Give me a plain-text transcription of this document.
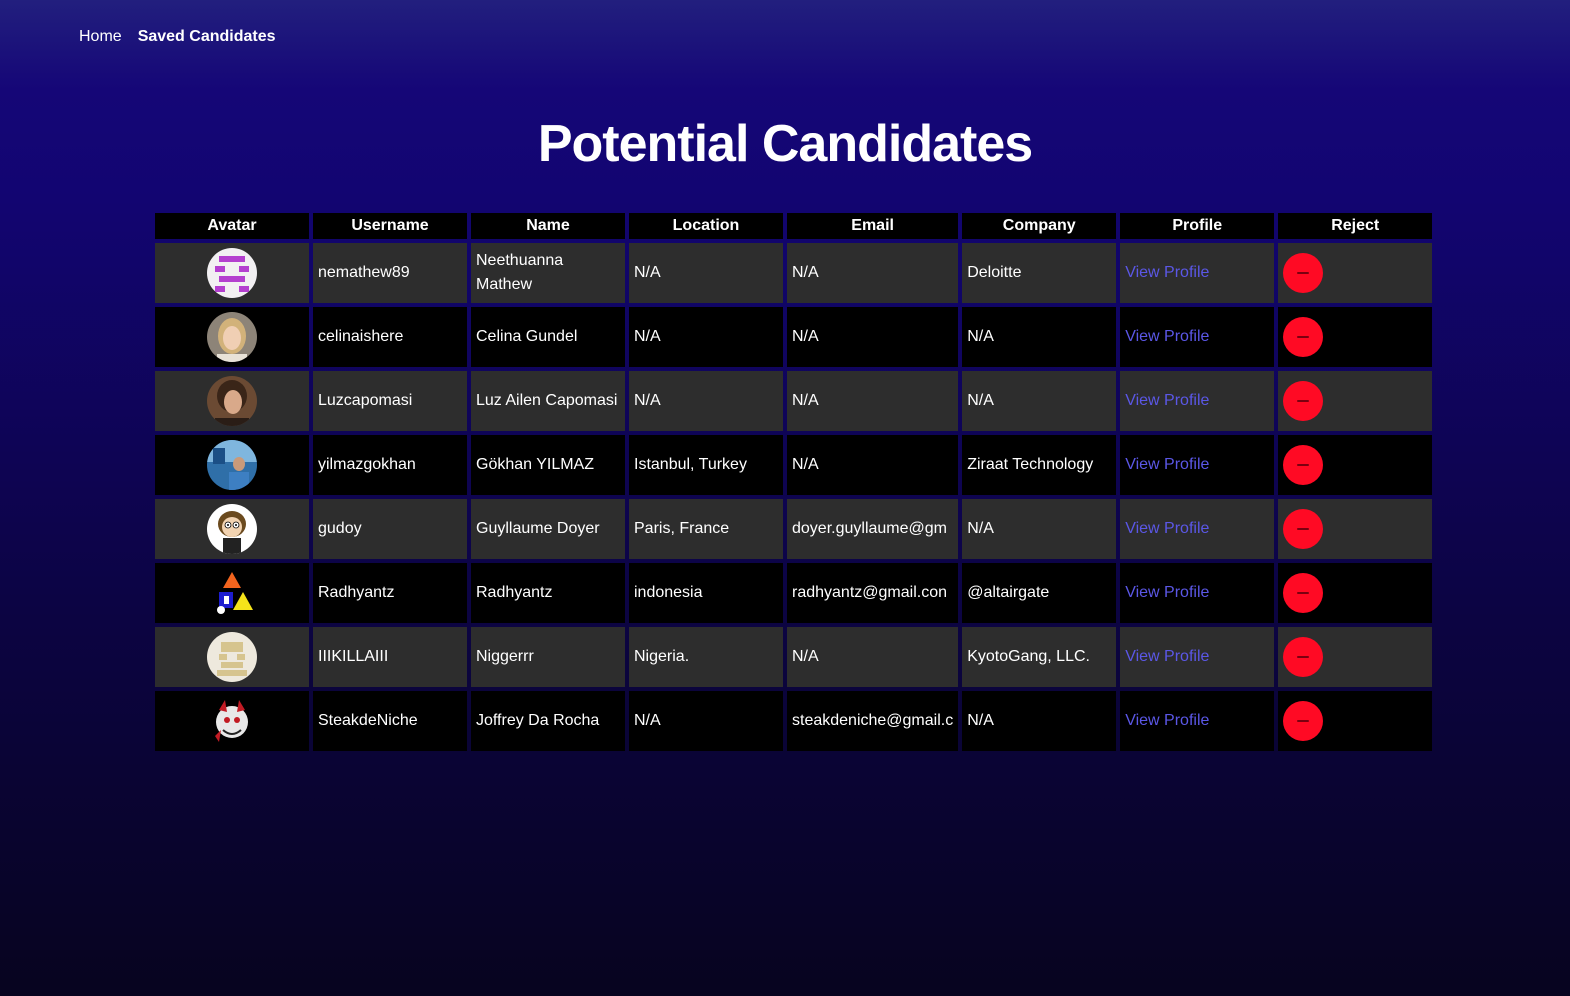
Home Saved Candidates
Potential Candidates
Avatar	Username	Name	Location	Email	Company	Profile	Reject

	nemathew89	Neethuanna Mathew	N/A	N/A	Deloitte	View Profile	

	celinaishere	Celina Gundel	N/A	N/A	N/A	View Profile	

	Luzcapomasi	Luz Ailen Capomasi	N/A	N/A	N/A	View Profile	

	yilmazgokhan	Gökhan YILMAZ	Istanbul, Turkey	N/A	Ziraat Technology	View Profile	

	gudoy	Guyllaume Doyer	Paris, France	doyer.guyllaume@gm	N/A	View Profile	

	Radhyantz	Radhyantz	indonesia	radhyantz@gmail.con	@altairgate	View Profile	

	IIIKILLAIII	Niggerrr	Nigeria.	N/A	KyotoGang, LLC.	View Profile	

	SteakdeNiche	Joffrey Da Rocha	N/A	steakdeniche@gmail.c	N/A	View Profile	
